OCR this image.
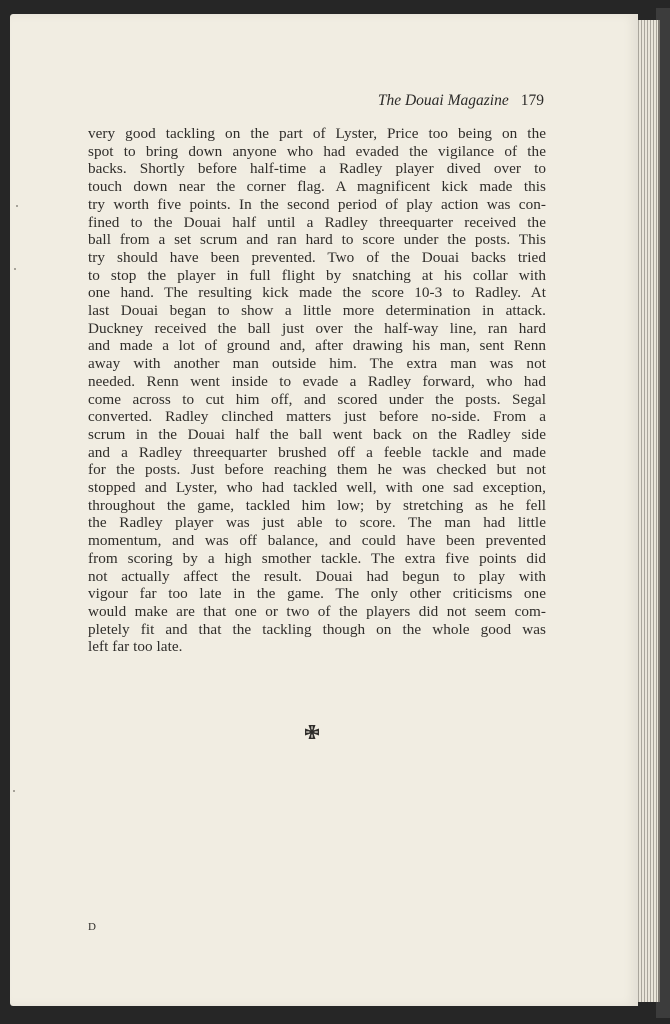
The Douai Magazine 179
very good tackling on the part of Lyster, Price too being on the
spot to bring down anyone who had evaded the vigilance of the
backs. Shortly before half-time a Radley player dived over to
touch down near the corner flag. A magnificent kick made this
try worth five points. In the second period of play action was con-
fined to the Douai half until a Radley threequarter received the
ball from a set scrum and ran hard to score under the posts. This
try should have been prevented. Two of the Douai backs tried
to stop the player in full flight by snatching at his collar with
one hand. The resulting kick made the score 10-3 to Radley. At
last Douai began to show a little more determination in attack.
Duckney received the ball just over the half-way line, ran hard
and made a lot of ground and, after drawing his man, sent Renn
away with another man outside him. The extra man was not
needed. Renn went inside to evade a Radley forward, who had
come across to cut him off, and scored under the posts. Segal
converted. Radley clinched matters just before no-side. From a
scrum in the Douai half the ball went back on the Radley side
and a Radley threequarter brushed off a feeble tackle and made
for the posts. Just before reaching them he was checked but not
stopped and Lyster, who had tackled well, with one sad exception,
throughout the game, tackled him low; by stretching as he fell
the Radley player was just able to score. The man had little
momentum, and was off balance, and could have been prevented
from scoring by a high smother tackle. The extra five points did
not actually affect the result. Douai had begun to play with
vigour far too late in the game. The only other criticisms one
would make are that one or two of the players did not seem com-
pletely fit and that the tackling though on the whole good was
left far too late.
D
